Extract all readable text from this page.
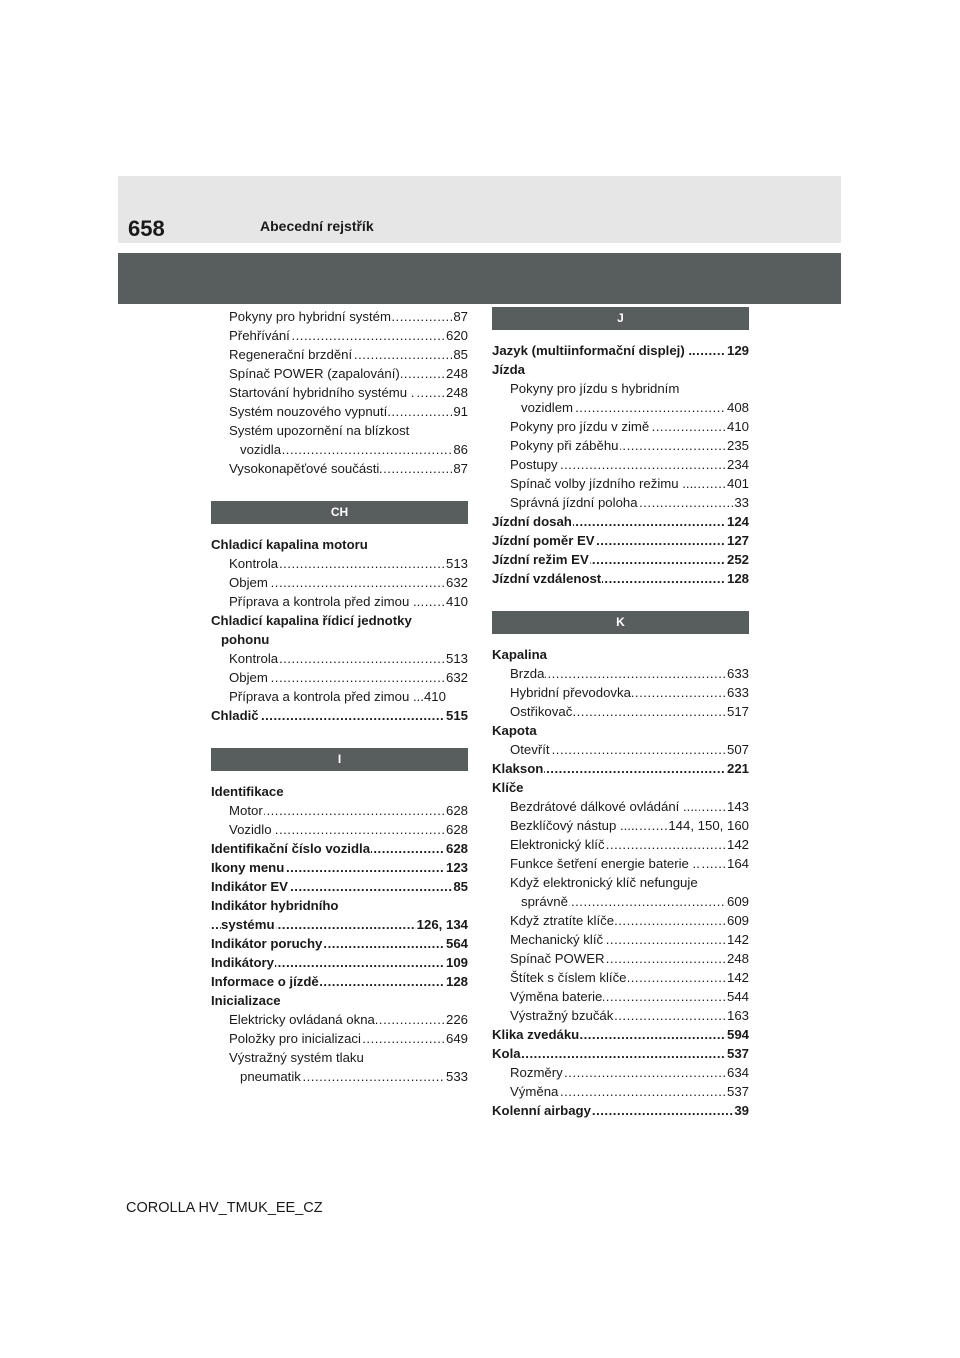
658	Abecední rejstřík
Pokyny pro hybridní systém	87
.....
Přehřívání	620
.....
Regenerační brzdění	85
.....
Spínač POWER (zapalování)	248
.....
Startování hybridního systému . 248
.....
Systém nouzového vypnutí	91
.....
Systém upozornění na blízkost
vozidla	86
.....
Vysokonapěťové součásti	87
.....
CH
Chladicí kapalina motoru
Kontrola	513
.....
Objem	632
.....
Příprava a kontrola před zimou .. 410
.....
Chladicí kapalina řídicí jednotky
pohonu
Kontrola	513
.....
Objem	632
.....
Příprava a kontrola před zimou ...410
Chladič	515
.....
I
Identifikace
Motor	628
.....
Vozidlo	628
.....
Identifikační číslo vozidla	628
.....
Ikony menu	123
.....
Indikátor EV	85
.....
Indikátor hybridního
systému	126, 134
.....
Indikátor poruchy	564
.....
Indikátory	109
.....
Informace o jízdě	128
.....
Inicializace
Elektricky ovládaná okna	226
.....
Položky pro inicializaci	649
.....
Výstražný systém tlaku
pneumatik	533
.....
J
Jazyk (multiinformační displej) .. 129
.....
Jízda
Pokyny pro jízdu s hybridním
vozidlem	408
.....
Pokyny pro jízdu v zimě	410
.....
Pokyny při záběhu	235
.....
Postupy	234
.....
Spínač volby jízdního režimu .... 401
.....
Správná jízdní poloha	33
.....
Jízdní dosah	124
.....
Jízdní poměr EV	127
.....
Jízdní režim EV	252
.....
Jízdní vzdálenost	128
.....
K
Kapalina
Brzda	633
.....
Hybridní převodovka	633
.....
Ostřikovač	517
.....
Kapota
Otevřít	507
.....
Klakson	221
.....
Klíče
Bezdrátové dálkové ovládání .... 143
.....
Bezklíčový nástup ..... 144, 150, 160
.....
Elektronický klíč	142
.....
Funkce šetření energie baterie .. 164
.....
Když elektronický klíč nefunguje
správně	609
.....
Když ztratíte klíče	609
.....
Mechanický klíč	142
.....
Spínač POWER	248
.....
Štítek s číslem klíče	142
.....
Výměna baterie	544
.....
Výstražný bzučák	163
.....
Klika zvedáku	594
.....
Kola	537
.....
Rozměry	634
.....
Výměna	537
.....
Kolenní airbagy	39
.....
COROLLA HV_TMUK_EE_CZ
